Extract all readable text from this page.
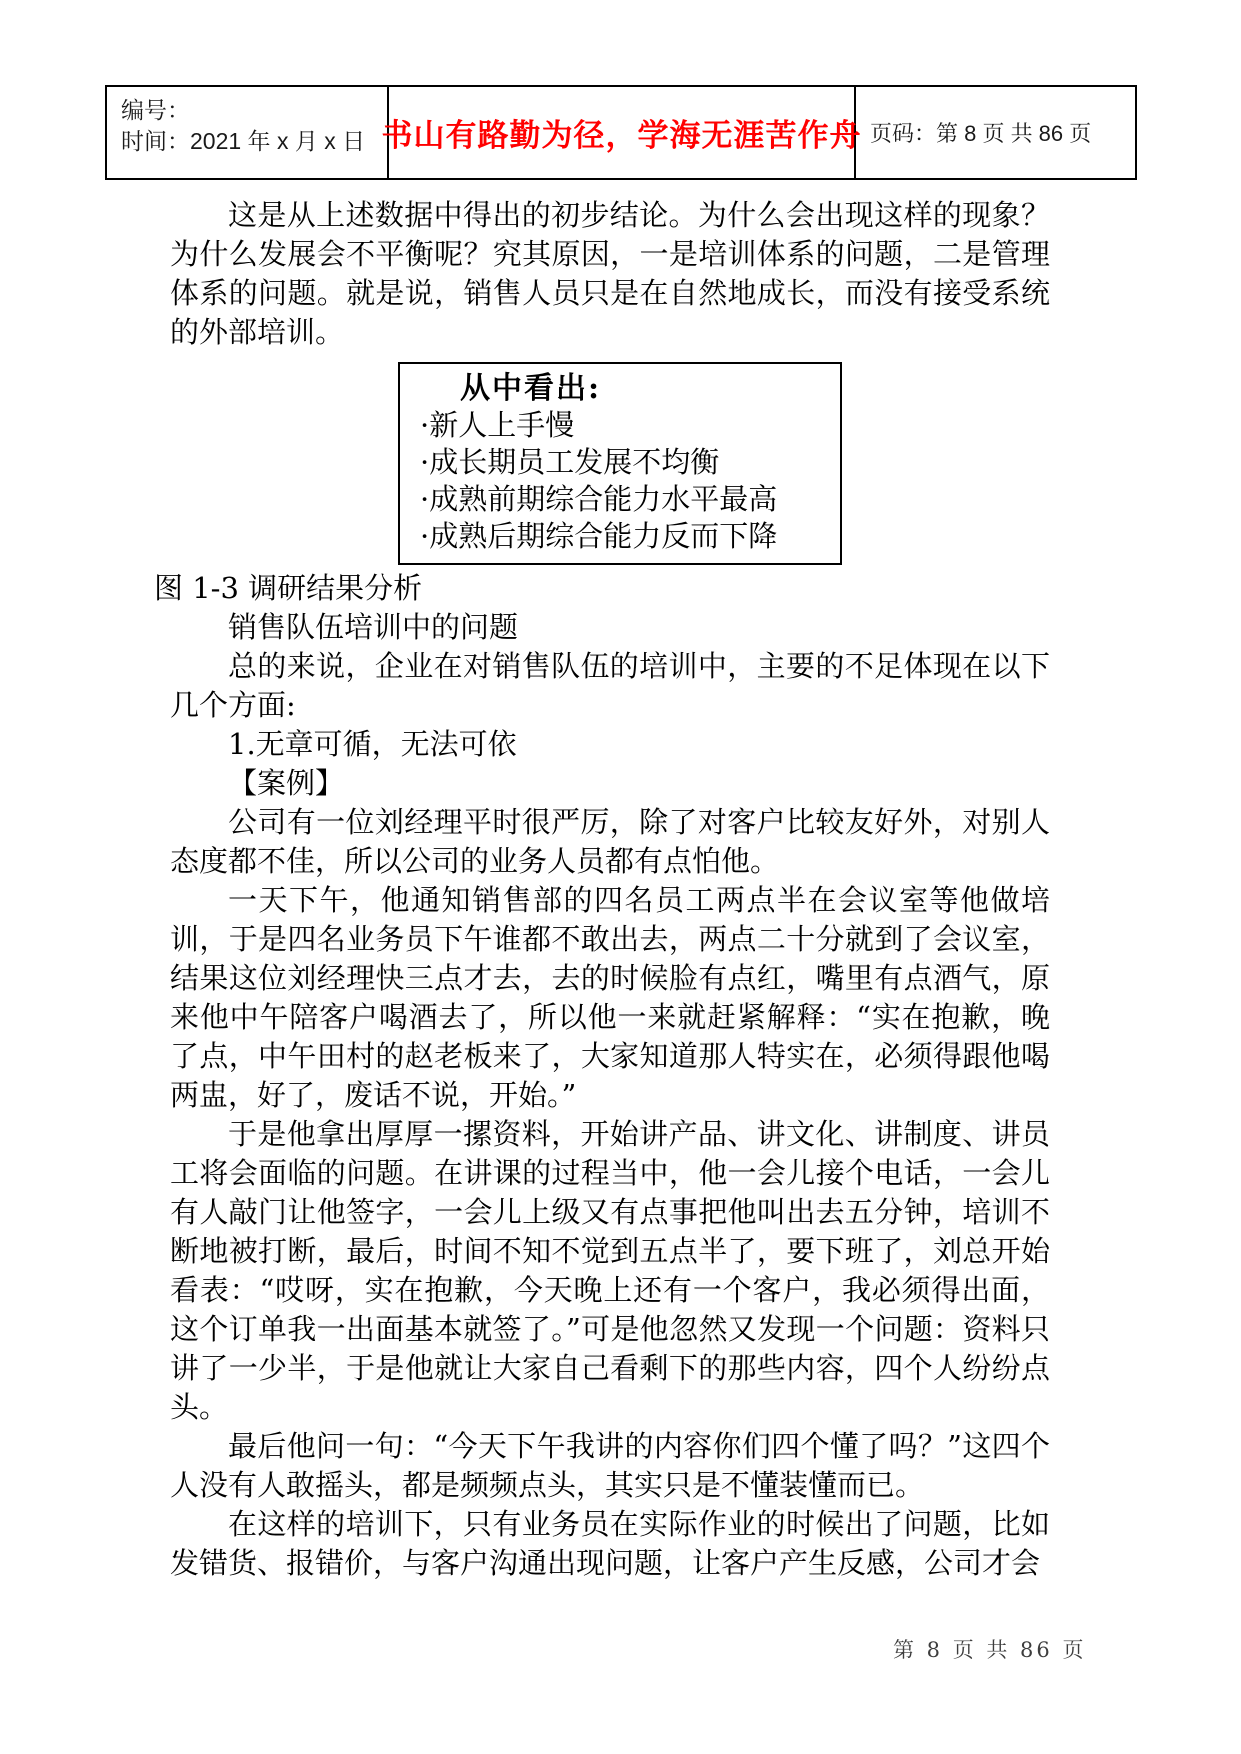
编号：
时间：2021 年 x 月 x 日 书山有路勤为径，学海无涯苦作舟 页码：第 8 页 共 86 页

这是从上述数据中得出的初步结论。为什么会出现这样的现象？为什么发展会不平衡呢？究其原因，一是培训体系的问题，二是管理体系的问题。就是说，销售人员只是在自然地成长，而没有接受系统的外部培训。

从中看出:
·新人上手慢
·成长期员工发展不均衡
·成熟前期综合能力水平最高
·成熟后期综合能力反而下降

图 1-3 调研结果分析

销售队伍培训中的问题

总的来说，企业在对销售队伍的培训中，主要的不足体现在以下几个方面:

1.无章可循，无法可依

【案例】

公司有一位刘经理平时很严厉，除了对客户比较友好外，对别人态度都不佳，所以公司的业务人员都有点怕他。

一天下午，他通知销售部的四名员工两点半在会议室等他做培训，于是四名业务员下午谁都不敢出去，两点二十分就到了会议室，结果这位刘经理快三点才去，去的时候脸有点红，嘴里有点酒气，原来他中午陪客户喝酒去了，所以他一来就赶紧解释：“实在抱歉，晚了点，中午田村的赵老板来了，大家知道那人特实在，必须得跟他喝两盅，好了，废话不说，开始。”

于是他拿出厚厚一摞资料，开始讲产品、讲文化、讲制度、讲员工将会面临的问题。在讲课的过程当中，他一会儿接个电话，一会儿有人敲门让他签字，一会儿上级又有点事把他叫出去五分钟，培训不断地被打断，最后，时间不知不觉到五点半了，要下班了，刘总开始看表：“哎呀，实在抱歉，今天晚上还有一个客户，我必须得出面，这个订单我一出面基本就签了。”可是他忽然又发现一个问题：资料只讲了一少半，于是他就让大家自己看剩下的那些内容，四个人纷纷点头。

最后他问一句：“今天下午我讲的内容你们四个懂了吗？”这四个人没有人敢摇头，都是频频点头，其实只是不懂装懂而已。

在这样的培训下，只有业务员在实际作业的时候出了问题，比如发错货、报错价，与客户沟通出现问题，让客户产生反感，公司才会

第 8 页 共 86 页
